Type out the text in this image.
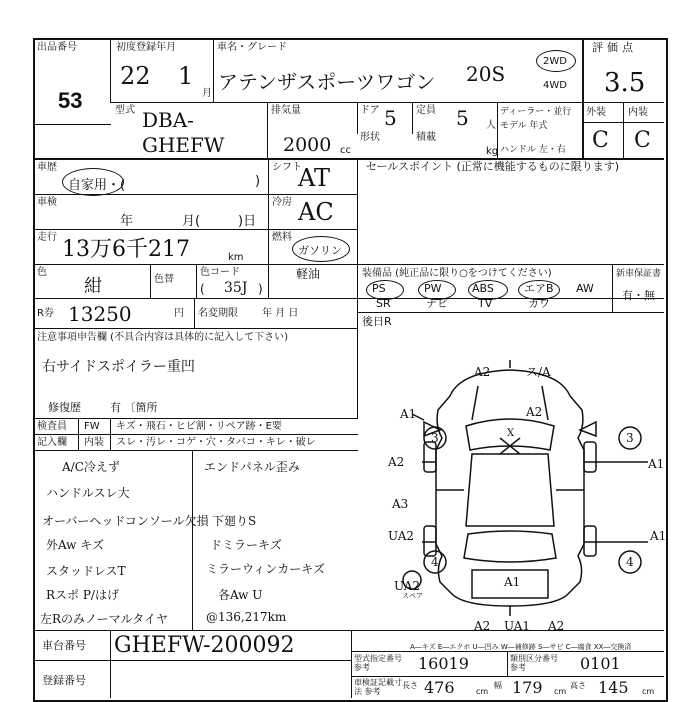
出品番号
53
初度登録年月
22 1
月
車名・グレード
アテンザスポーツワゴン 20S
2WD
4WD
評価点
3.5
型式 DBA-
GHEFW
排気量
2000 cc
ドア 5 定員 5 人
形状	積載
kg
ディーラー・並行
モデル 年式
ハンドル 左・右
外装 内装
C C
車歴
自家用・(	)
車検
年	月(	)日
走行 13万6千217	km
色
紺	色替
色コード
35J
(	)
R券 13250	円 名変期限 年 月 日
注意事項申告欄 (不具合内容は具体的に記入して下さい)
右サイドスポイラー重凹
修復歴	有 〔箇所
シフト
AT
冷房 AC
燃料
ガソリン
軽油
セールスポイント (正常に機能するものに限ります)
装備品 (純正品に限り○をつけてください)
PS	PW	ABS	エアB AW
SR	ナビ	TV	カワ
新車保証書
有・無
後日R
検査員
記入欄
FW
内装
キズ・飛石・ヒビ割・リペア跡・E要
スレ・汚レ・コゲ・穴・タバコ・キレ・破レ
A/C冷えず	エンドパネル歪み
ハンドルスレ大
オーバーヘッドコンソール欠損 下廻りS
外Aw キズ	ドミラーキズ
スタッドレスT	ミラーウィンカーキズ
Rスポ P/はげ	各Aw U
左Rのみノーマルタイヤ	@136,217km
A2	ス/A
A1	A2
3	3
A2	A1
A3
UA2
4	4
UA2
A2 UA1 A2
A1
X
A1
スペア
A―キズ E―エクボ U―凹み W―補修跡 S―サビ C―腐食 XX―交換済
車台番号 GHEFW-200092
登録番号
型式指定番号 参考	16019	類別区分番号 参考	0101
車検証記載寸法 参考
長さ 476	cm
幅 179 cm
高さ 145 cm
